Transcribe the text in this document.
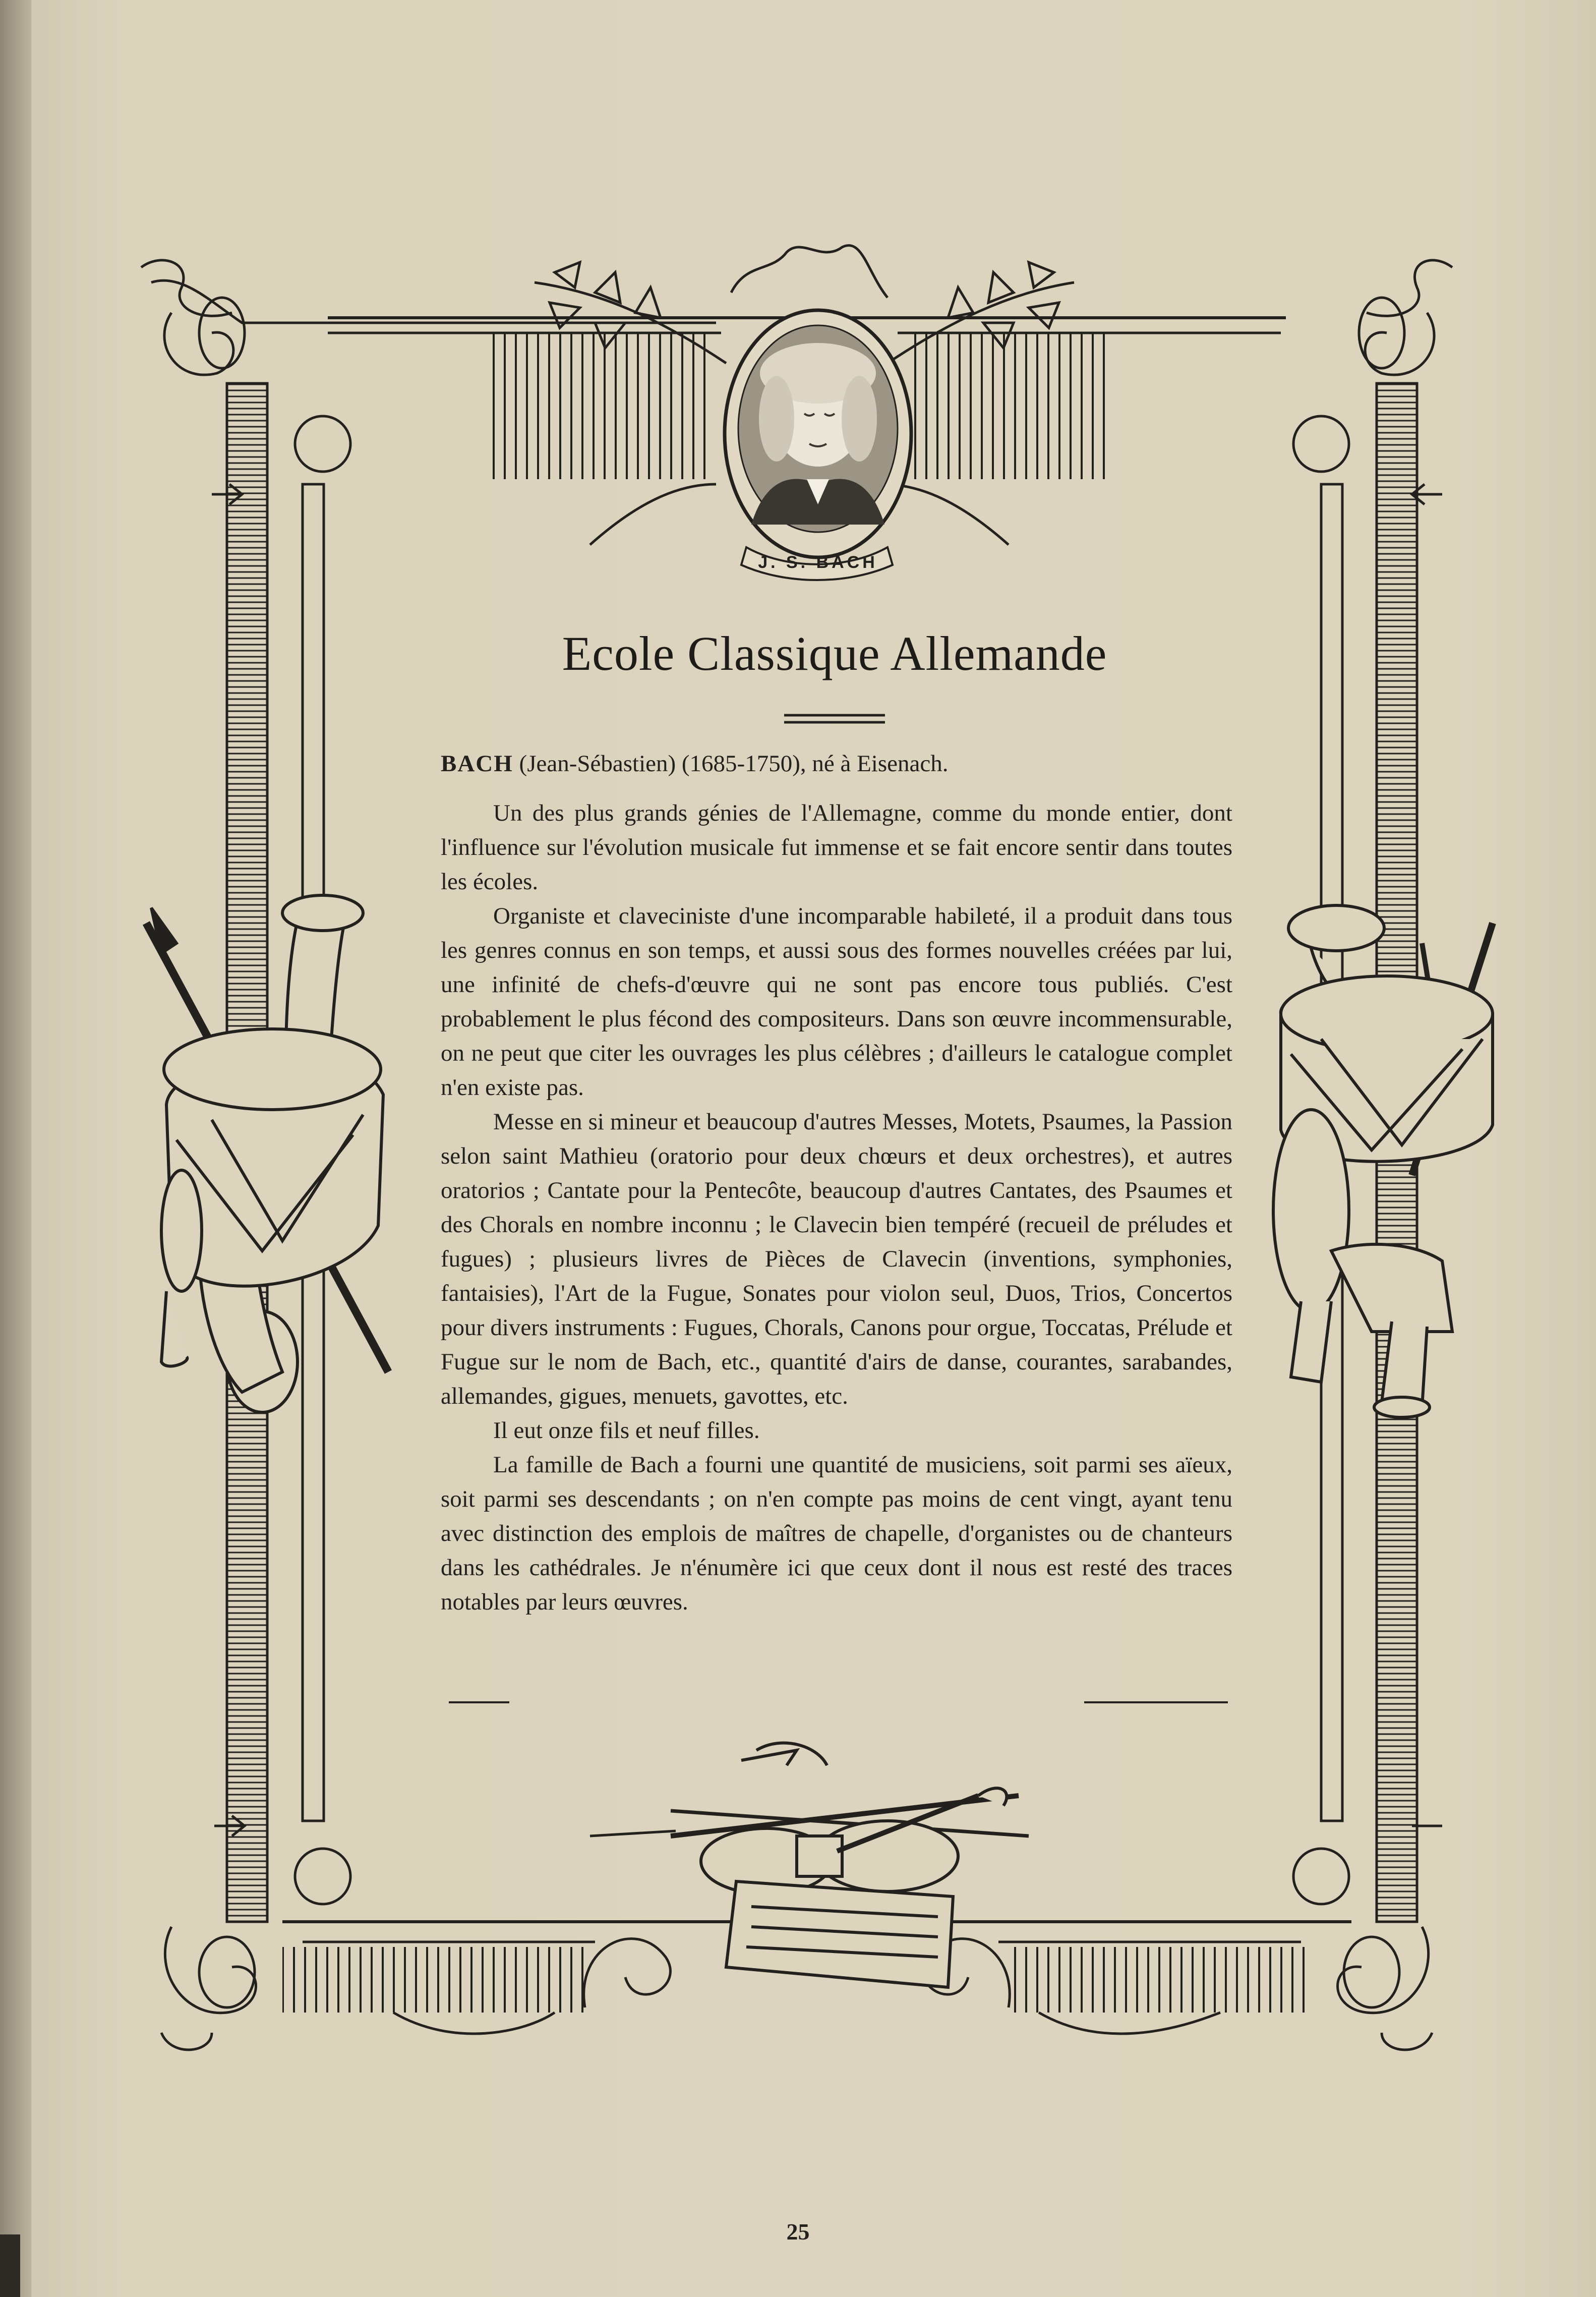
J. S. BACH
Ecole Classique Allemande

BACH (Jean-Sébastien) (1685-1750), né à Eisenach.

Un des plus grands génies de l'Allemagne, comme du monde entier, dont l'influence sur l'évolution musicale fut immense et se fait encore sentir dans toutes les écoles.

Organiste et claveciniste d'une incomparable habileté, il a produit dans tous les genres connus en son temps, et aussi sous des formes nouvelles créées par lui, une infinité de chefs-d'œuvre qui ne sont pas encore tous publiés. C'est probablement le plus fécond des compositeurs. Dans son œuvre incommensurable, on ne peut que citer les ouvrages les plus célèbres ; d'ailleurs le catalogue complet n'en existe pas.

Messe en si mineur et beaucoup d'autres Messes, Motets, Psaumes, la Passion selon saint Mathieu (oratorio pour deux chœurs et deux orchestres), et autres oratorios ; Cantate pour la Pentecôte, beaucoup d'autres Cantates, des Psaumes et des Chorals en nombre inconnu ; le Clavecin bien tempéré (recueil de préludes et fugues) ; plusieurs livres de Pièces de Clavecin (inventions, symphonies, fantaisies), l'Art de la Fugue, Sonates pour violon seul, Duos, Trios, Concertos pour divers instruments : Fugues, Chorals, Canons pour orgue, Toccatas, Prélude et Fugue sur le nom de Bach, etc., quantité d'airs de danse, courantes, sarabandes, allemandes, gigues, menuets, gavottes, etc.

Il eut onze fils et neuf filles.

La famille de Bach a fourni une quantité de musiciens, soit parmi ses aïeux, soit parmi ses descendants ; on n'en compte pas moins de cent vingt, ayant tenu avec distinction des emplois de maîtres de chapelle, d'organistes ou de chanteurs dans les cathédrales. Je n'énumère ici que ceux dont il nous est resté des traces notables par leurs œuvres.

25
